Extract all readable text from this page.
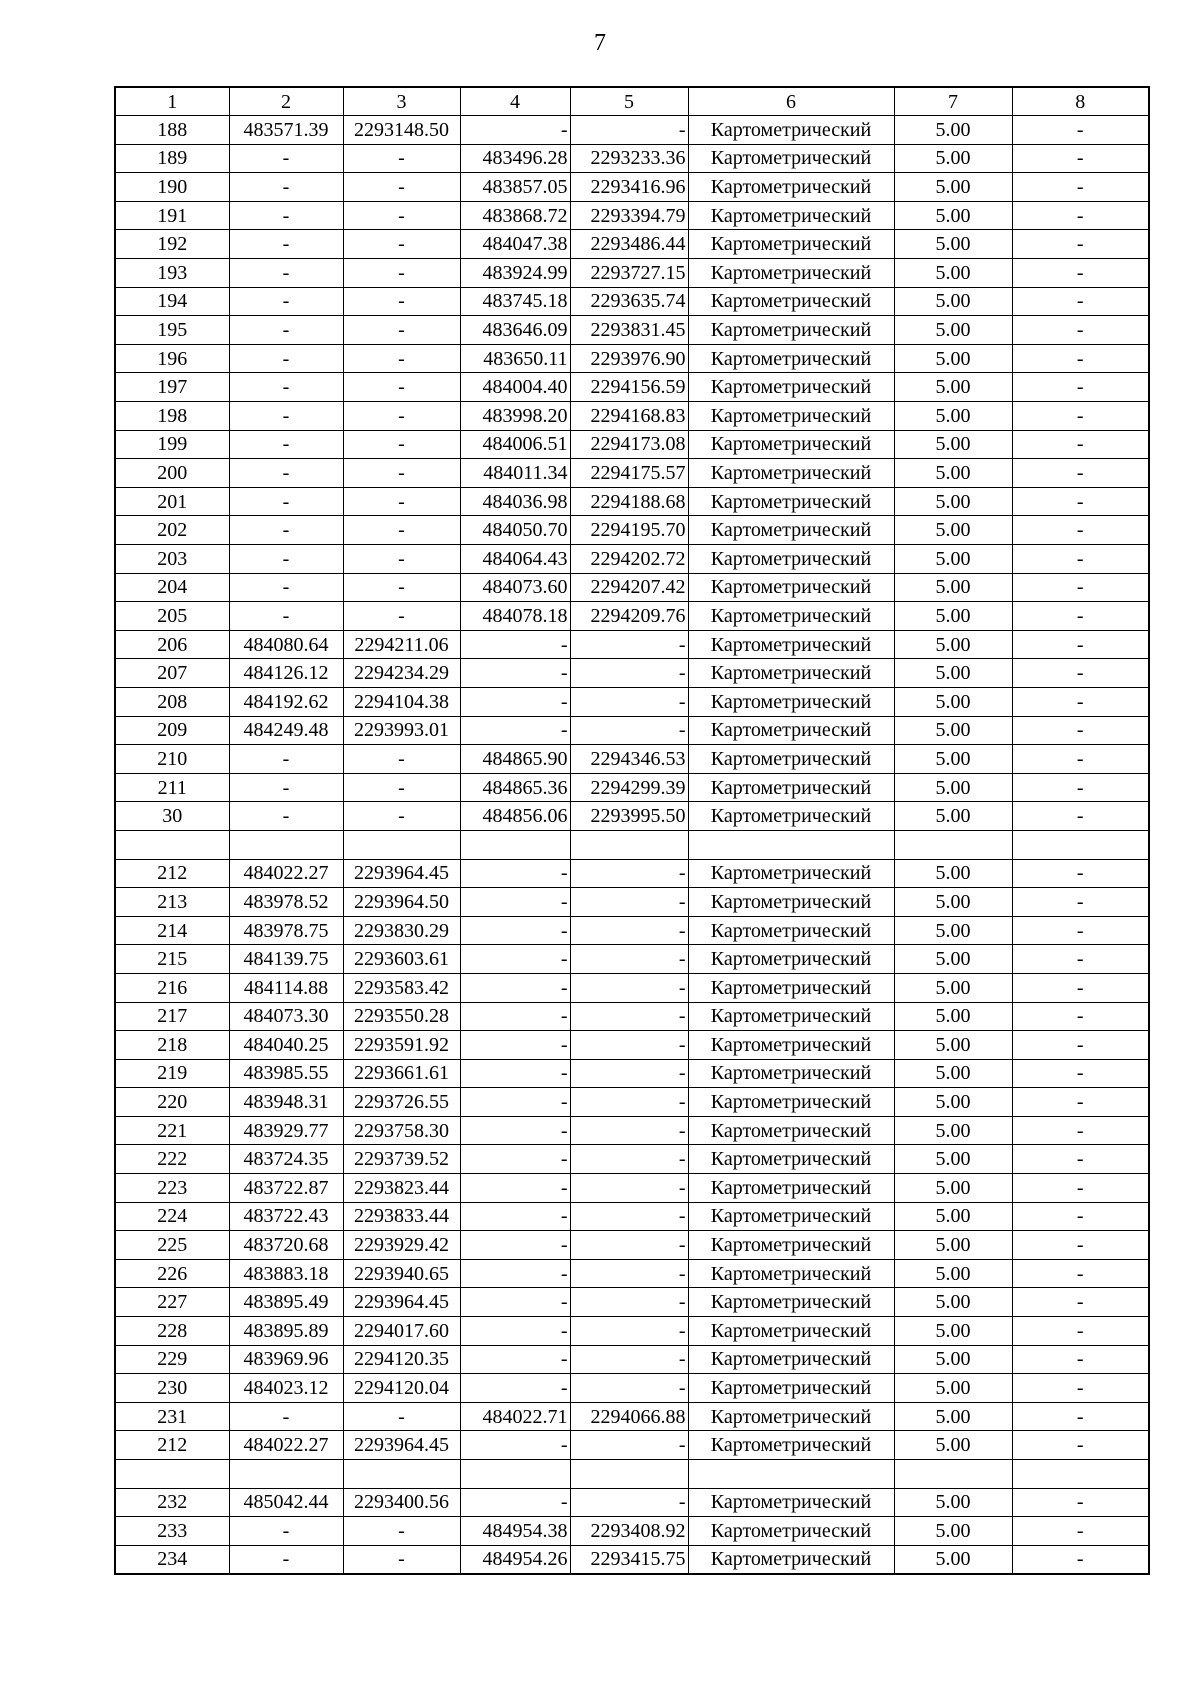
7
1	2	3	4	5	6	7	8
188	483571.39	2293148.50	-	-	Картометрический	5.00	-
189	-	-	483496.28	2293233.36	Картометрический	5.00	-
190	-	-	483857.05	2293416.96	Картометрический	5.00	-
191	-	-	483868.72	2293394.79	Картометрический	5.00	-
192	-	-	484047.38	2293486.44	Картометрический	5.00	-
193	-	-	483924.99	2293727.15	Картометрический	5.00	-
194	-	-	483745.18	2293635.74	Картометрический	5.00	-
195	-	-	483646.09	2293831.45	Картометрический	5.00	-
196	-	-	483650.11	2293976.90	Картометрический	5.00	-
197	-	-	484004.40	2294156.59	Картометрический	5.00	-
198	-	-	483998.20	2294168.83	Картометрический	5.00	-
199	-	-	484006.51	2294173.08	Картометрический	5.00	-
200	-	-	484011.34	2294175.57	Картометрический	5.00	-
201	-	-	484036.98	2294188.68	Картометрический	5.00	-
202	-	-	484050.70	2294195.70	Картометрический	5.00	-
203	-	-	484064.43	2294202.72	Картометрический	5.00	-
204	-	-	484073.60	2294207.42	Картометрический	5.00	-
205	-	-	484078.18	2294209.76	Картометрический	5.00	-
206	484080.64	2294211.06	-	-	Картометрический	5.00	-
207	484126.12	2294234.29	-	-	Картометрический	5.00	-
208	484192.62	2294104.38	-	-	Картометрический	5.00	-
209	484249.48	2293993.01	-	-	Картометрический	5.00	-
210	-	-	484865.90	2294346.53	Картометрический	5.00	-
211	-	-	484865.36	2294299.39	Картометрический	5.00	-
30	-	-	484856.06	2293995.50	Картометрический	5.00	-

212	484022.27	2293964.45	-	-	Картометрический	5.00	-
213	483978.52	2293964.50	-	-	Картометрический	5.00	-
214	483978.75	2293830.29	-	-	Картометрический	5.00	-
215	484139.75	2293603.61	-	-	Картометрический	5.00	-
216	484114.88	2293583.42	-	-	Картометрический	5.00	-
217	484073.30	2293550.28	-	-	Картометрический	5.00	-
218	484040.25	2293591.92	-	-	Картометрический	5.00	-
219	483985.55	2293661.61	-	-	Картометрический	5.00	-
220	483948.31	2293726.55	-	-	Картометрический	5.00	-
221	483929.77	2293758.30	-	-	Картометрический	5.00	-
222	483724.35	2293739.52	-	-	Картометрический	5.00	-
223	483722.87	2293823.44	-	-	Картометрический	5.00	-
224	483722.43	2293833.44	-	-	Картометрический	5.00	-
225	483720.68	2293929.42	-	-	Картометрический	5.00	-
226	483883.18	2293940.65	-	-	Картометрический	5.00	-
227	483895.49	2293964.45	-	-	Картометрический	5.00	-
228	483895.89	2294017.60	-	-	Картометрический	5.00	-
229	483969.96	2294120.35	-	-	Картометрический	5.00	-
230	484023.12	2294120.04	-	-	Картометрический	5.00	-
231	-	-	484022.71	2294066.88	Картометрический	5.00	-
212	484022.27	2293964.45	-	-	Картометрический	5.00	-

232	485042.44	2293400.56	-	-	Картометрический	5.00	-
233	-	-	484954.38	2293408.92	Картометрический	5.00	-
234	-	-	484954.26	2293415.75	Картометрический	5.00	-
